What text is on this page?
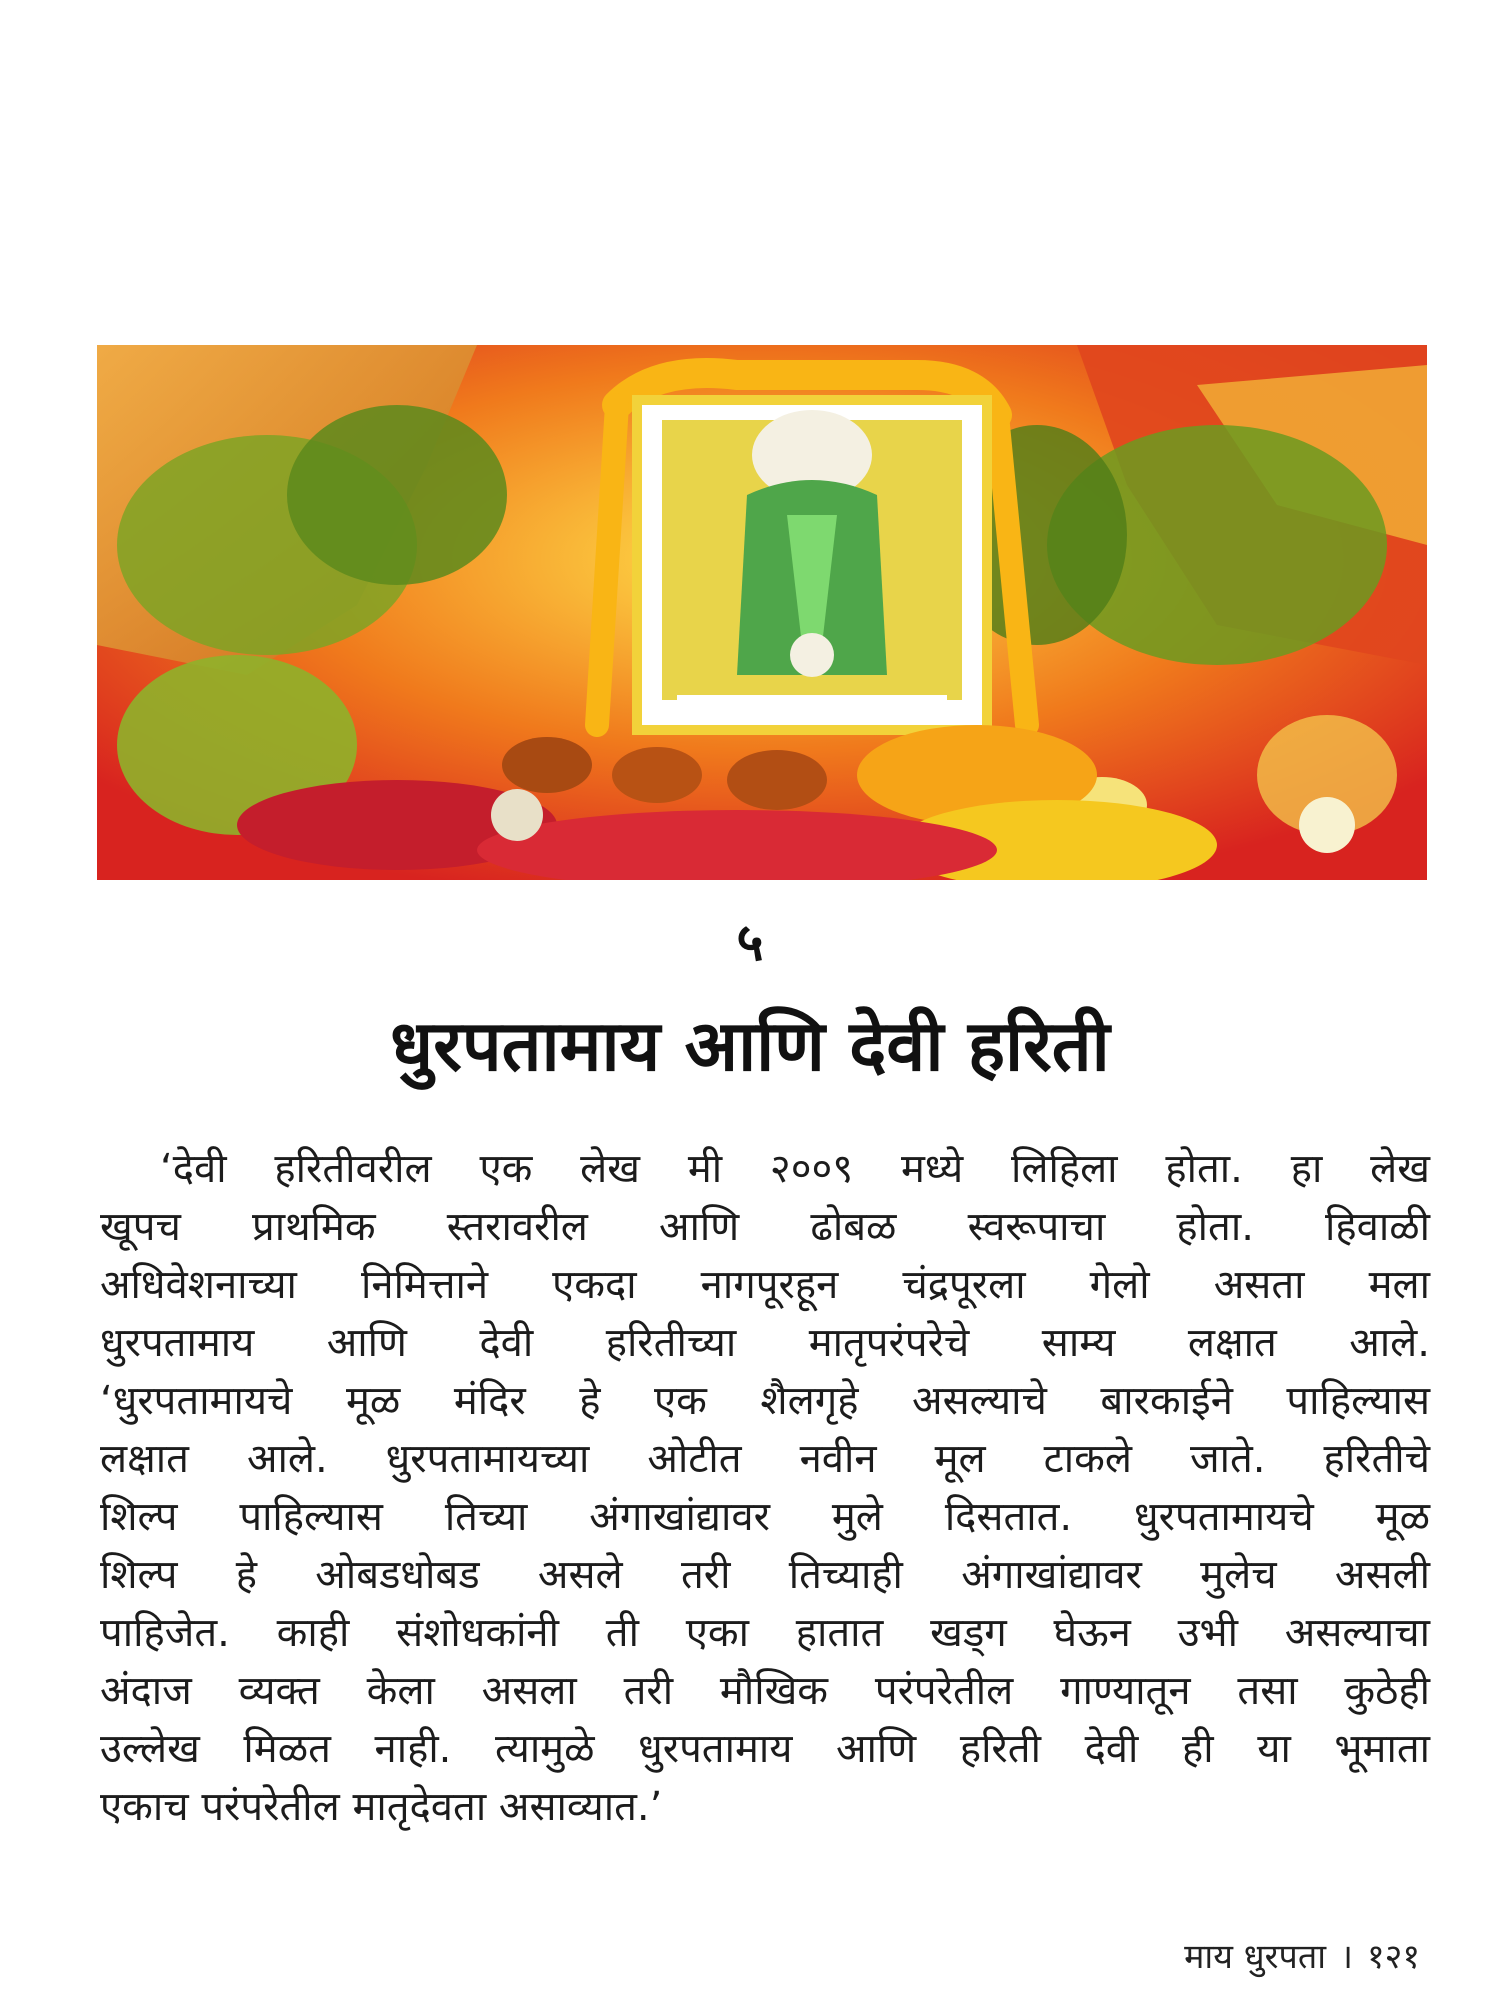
५
धुरपतामाय आणि देवी हरिती
‘देवी हरितीवरील एक लेख मी २००९ मध्ये लिहिला होता. हा लेख
खूपच प्राथमिक स्तरावरील आणि ढोबळ स्वरूपाचा होता. हिवाळी
अधिवेशनाच्या निमित्ताने एकदा नागपूरहून चंद्रपूरला गेलो असता मला
धुरपतामाय आणि देवी हरितीच्या मातृपरंपरेचे साम्य लक्षात आले.
‘धुरपतामायचे मूळ मंदिर हे एक शैलगृहे असल्याचे बारकाईने पाहिल्यास
लक्षात आले. धुरपतामायच्या ओटीत नवीन मूल टाकले जाते. हरितीचे
शिल्प पाहिल्यास तिच्या अंगाखांद्यावर मुले दिसतात. धुरपतामायचे मूळ
शिल्प हे ओबडधोबड असले तरी तिच्याही अंगाखांद्यावर मुलेच असली
पाहिजेत. काही संशोधकांनी ती एका हातात खड्ग घेऊन उभी असल्याचा
अंदाज व्यक्त केला असला तरी मौखिक परंपरेतील गाण्यातून तसा कुठेही
उल्लेख मिळत नाही. त्यामुळे धुरपतामाय आणि हरिती देवी ही या भूमाता
एकाच परंपरेतील मातृदेवता असाव्यात.’
माय धुरपता । १२१
